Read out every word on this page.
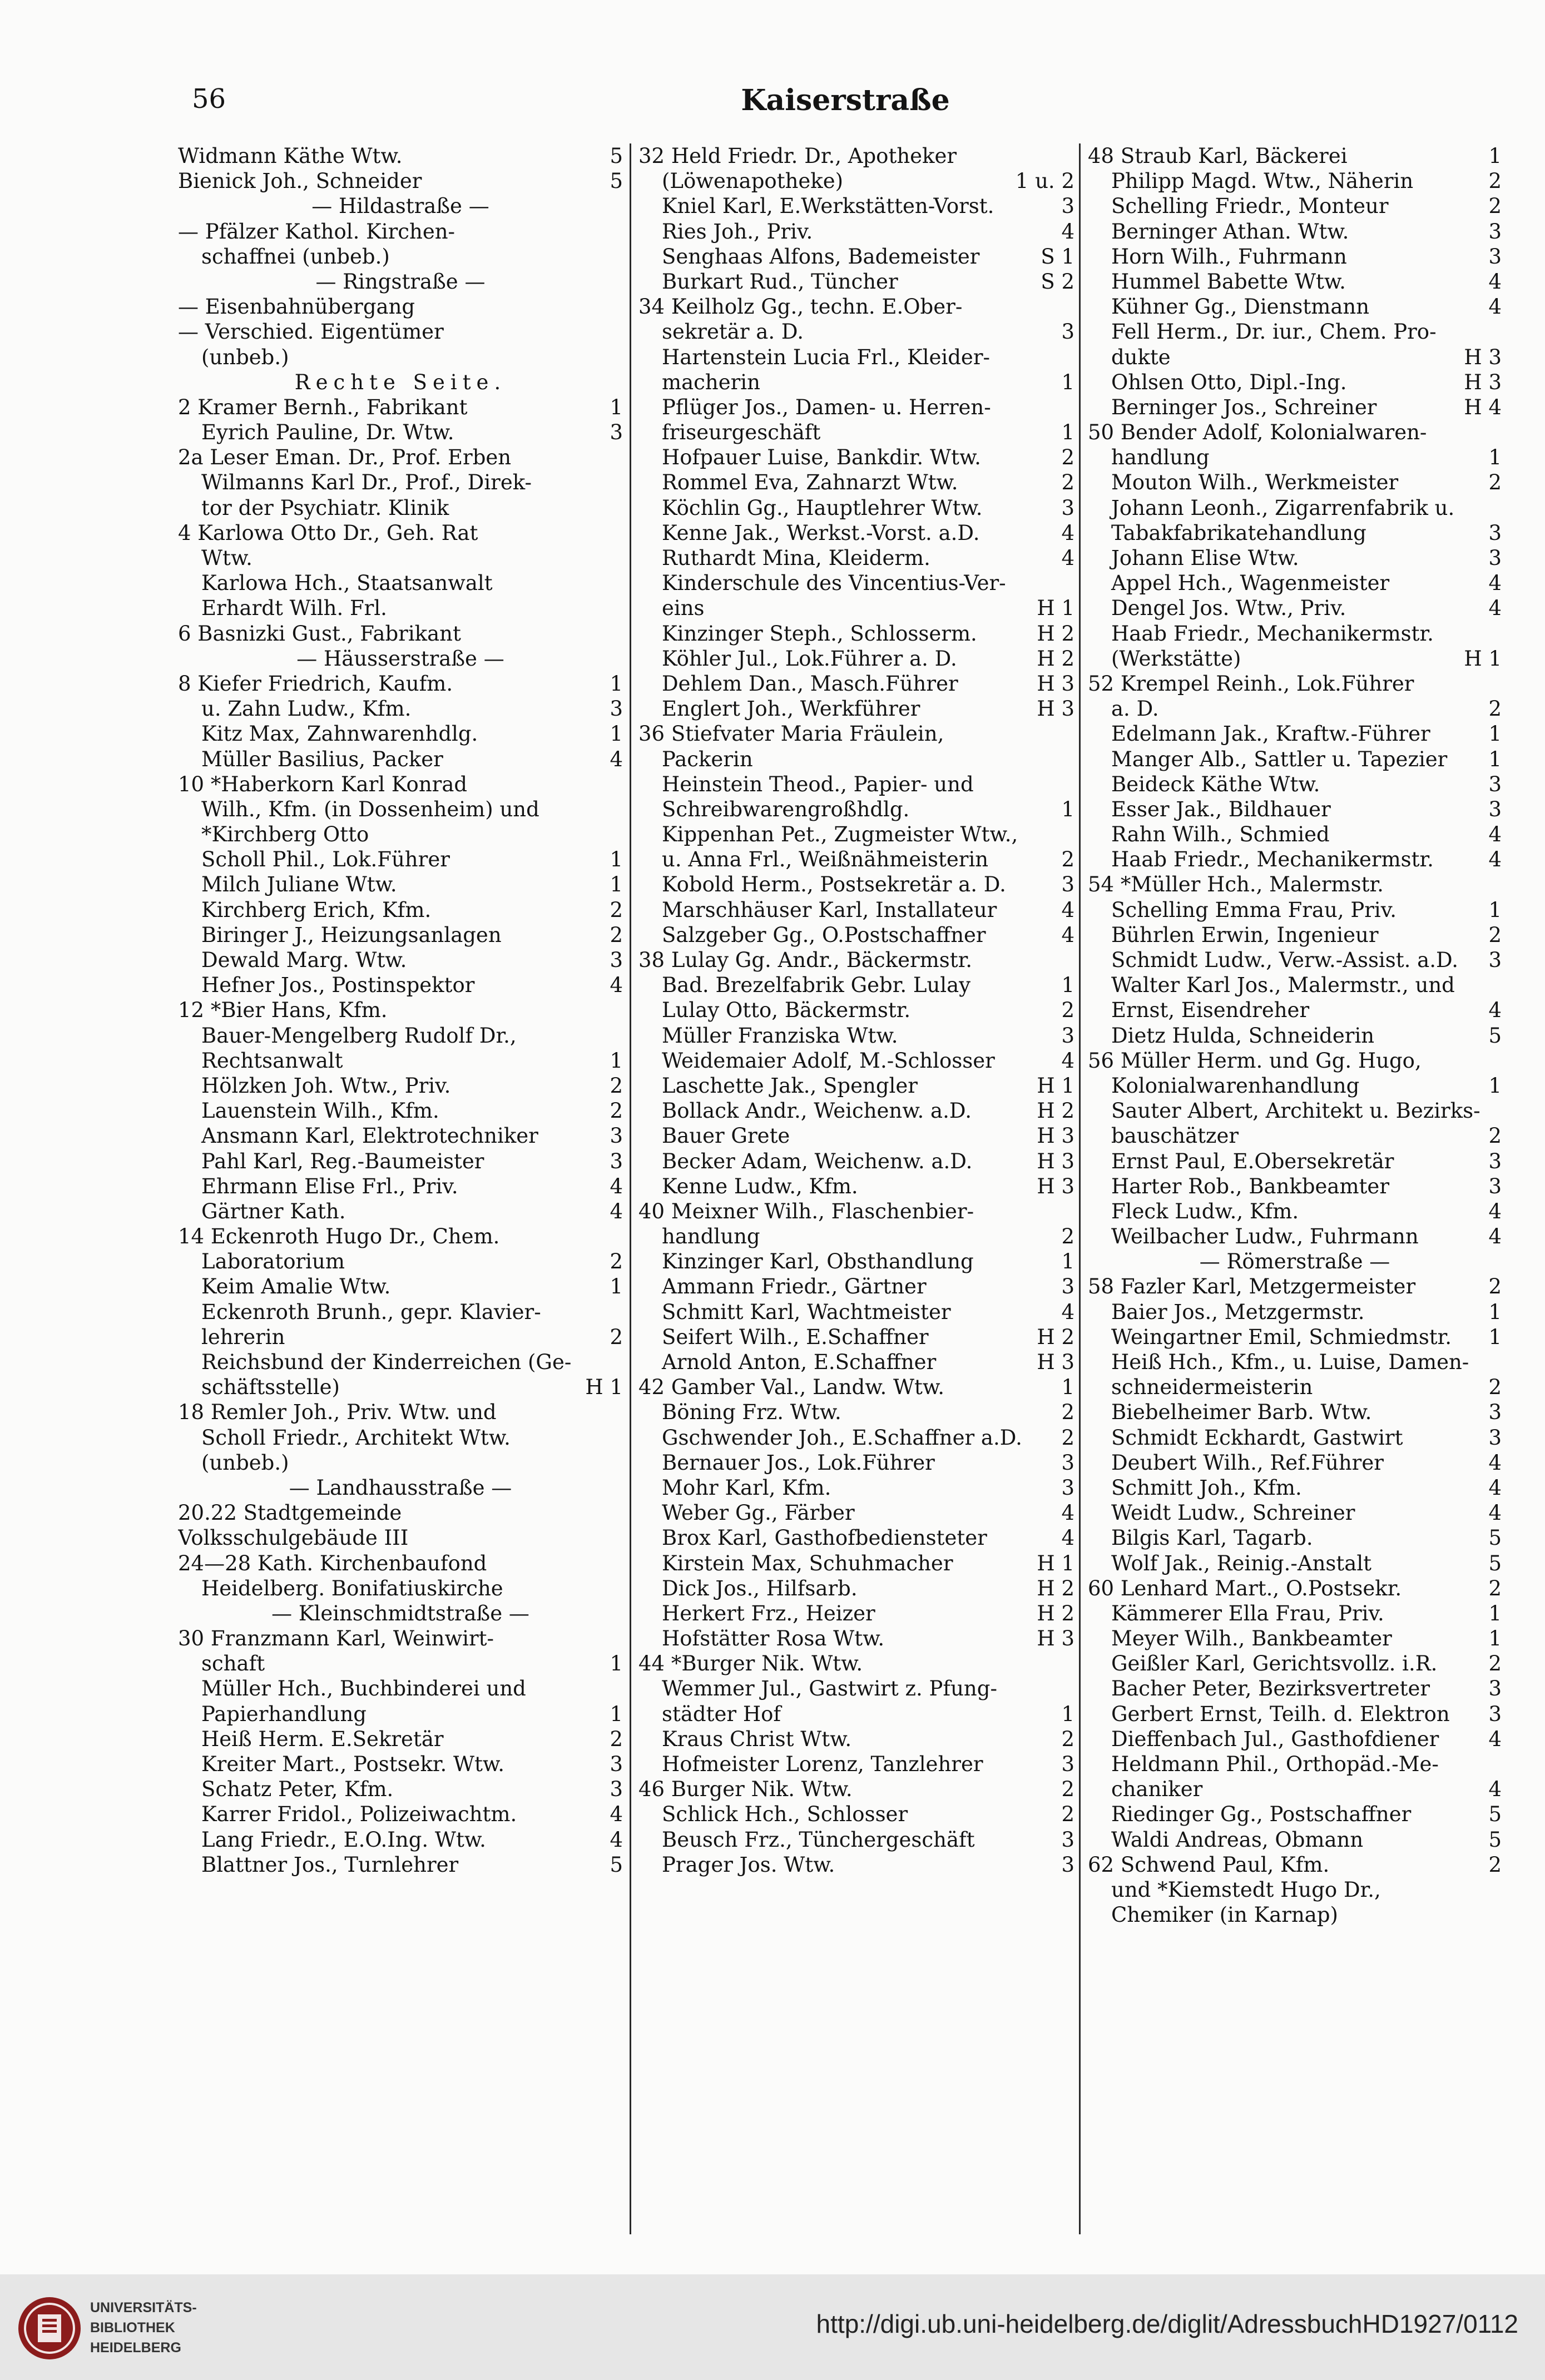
56	Kaiserstraße
Widmann Käthe Wtw.	5
Bienick Joh., Schneider	5
— Hildastraße —
— Pfälzer Kathol. Kirchen-
schaffnei (unbeb.)
— Ringstraße —
— Eisenbahnübergang
— Verschied. Eigentümer
(unbeb.)
Rechte Seite.
2 Kramer Bernh., Fabrikant	1
Eyrich Pauline, Dr. Wtw.	3
2a Leser Eman. Dr., Prof. Erben
Wilmanns Karl Dr., Prof., Direk-
tor der Psychiatr. Klinik
4 Karlowa Otto Dr., Geh. Rat
Wtw.
Karlowa Hch., Staatsanwalt
Erhardt Wilh. Frl.
6 Basnizki Gust., Fabrikant
— Häusserstraße —
8 Kiefer Friedrich, Kaufm.	1
u. Zahn Ludw., Kfm.	3
Kitz Max, Zahnwarenhdlg.	1
Müller Basilius, Packer	4
10 *Haberkorn Karl Konrad
Wilh., Kfm. (in Dossenheim) und
*Kirchberg Otto
Scholl Phil., Lok.Führer	1
Milch Juliane Wtw.	1
Kirchberg Erich, Kfm.	2
Biringer J., Heizungsanlagen	2
Dewald Marg. Wtw.	3
Hefner Jos., Postinspektor	4
12 *Bier Hans, Kfm.
Bauer-Mengelberg Rudolf Dr.,
Rechtsanwalt	1
Hölzken Joh. Wtw., Priv.	2
Lauenstein Wilh., Kfm.	2
Ansmann Karl, Elektrotechniker	3
Pahl Karl, Reg.-Baumeister	3
Ehrmann Elise Frl., Priv.	4
Gärtner Kath.	4
14 Eckenroth Hugo Dr., Chem.
Laboratorium	2
Keim Amalie Wtw.	1
Eckenroth Brunh., gepr. Klavier-
lehrerin	2
Reichsbund der Kinderreichen (Ge-
schäftsstelle)	H 1
18 Remler Joh., Priv. Wtw. und
Scholl Friedr., Architekt Wtw.
(unbeb.)
— Landhausstraße —
20.22 Stadtgemeinde
Volksschulgebäude III
24—28 Kath. Kirchenbaufond
Heidelberg. Bonifatiuskirche
— Kleinschmidtstraße —
30 Franzmann Karl, Weinwirt-
schaft	1
Müller Hch., Buchbinderei und
Papierhandlung	1
Heiß Herm. E.Sekretär	2
Kreiter Mart., Postsekr. Wtw.	3
Schatz Peter, Kfm.	3
Karrer Fridol., Polizeiwachtm.	4
Lang Friedr., E.O.Ing. Wtw.	4
Blattner Jos., Turnlehrer	5
32 Held Friedr. Dr., Apotheker
(Löwenapotheke)	1 u. 2
Kniel Karl, E.Werkstätten-Vorst.	3
Ries Joh., Priv.	4
Senghaas Alfons, Bademeister	S 1
Burkart Rud., Tüncher	S 2
34 Keilholz Gg., techn. E.Ober-
sekretär a. D.	3
Hartenstein Lucia Frl., Kleider-
macherin	1
Pflüger Jos., Damen- u. Herren-
friseurgeschäft	1
Hofpauer Luise, Bankdir. Wtw.	2
Rommel Eva, Zahnarzt Wtw.	2
Köchlin Gg., Hauptlehrer Wtw.	3
Kenne Jak., Werkst.-Vorst. a.D.	4
Ruthardt Mina, Kleiderm.	4
Kinderschule des Vincentius-Ver-
eins	H 1
Kinzinger Steph., Schlosserm.	H 2
Köhler Jul., Lok.Führer a. D.	H 2
Dehlem Dan., Masch.Führer	H 3
Englert Joh., Werkführer	H 3
36 Stiefvater Maria Fräulein,
Packerin
Heinstein Theod., Papier- und
Schreibwarengroßhdlg.	1
Kippenhan Pet., Zugmeister Wtw.,
u. Anna Frl., Weißnähmeisterin	2
Kobold Herm., Postsekretär a. D.	3
Marschhäuser Karl, Installateur	4
Salzgeber Gg., O.Postschaffner	4
38 Lulay Gg. Andr., Bäckermstr.
Bad. Brezelfabrik Gebr. Lulay	1
Lulay Otto, Bäckermstr.	2
Müller Franziska Wtw.	3
Weidemaier Adolf, M.-Schlosser	4
Laschette Jak., Spengler	H 1
Bollack Andr., Weichenw. a.D.	H 2
Bauer Grete	H 3
Becker Adam, Weichenw. a.D.	H 3
Kenne Ludw., Kfm.	H 3
40 Meixner Wilh., Flaschenbier-
handlung	2
Kinzinger Karl, Obsthandlung	1
Ammann Friedr., Gärtner	3
Schmitt Karl, Wachtmeister	4
Seifert Wilh., E.Schaffner	H 2
Arnold Anton, E.Schaffner	H 3
42 Gamber Val., Landw. Wtw.	1
Böning Frz. Wtw.	2
Gschwender Joh., E.Schaffner a.D.	2
Bernauer Jos., Lok.Führer	3
Mohr Karl, Kfm.	3
Weber Gg., Färber	4
Brox Karl, Gasthofbediensteter	4
Kirstein Max, Schuhmacher	H 1
Dick Jos., Hilfsarb.	H 2
Herkert Frz., Heizer	H 2
Hofstätter Rosa Wtw.	H 3
44 *Burger Nik. Wtw.
Wemmer Jul., Gastwirt z. Pfung-
städter Hof	1
Kraus Christ Wtw.	2
Hofmeister Lorenz, Tanzlehrer	3
46 Burger Nik. Wtw.	2
Schlick Hch., Schlosser	2
Beusch Frz., Tünchergeschäft	3
Prager Jos. Wtw.	3
48 Straub Karl, Bäckerei	1
Philipp Magd. Wtw., Näherin	2
Schelling Friedr., Monteur	2
Berninger Athan. Wtw.	3
Horn Wilh., Fuhrmann	3
Hummel Babette Wtw.	4
Kühner Gg., Dienstmann	4
Fell Herm., Dr. iur., Chem. Pro-
dukte	H 3
Ohlsen Otto, Dipl.-Ing.	H 3
Berninger Jos., Schreiner	H 4
50 Bender Adolf, Kolonialwaren-
handlung	1
Mouton Wilh., Werkmeister	2
Johann Leonh., Zigarrenfabrik u.
Tabakfabrikatehandlung	3
Johann Elise Wtw.	3
Appel Hch., Wagenmeister	4
Dengel Jos. Wtw., Priv.	4
Haab Friedr., Mechanikermstr.
(Werkstätte)	H 1
52 Krempel Reinh., Lok.Führer
a. D.	2
Edelmann Jak., Kraftw.-Führer	1
Manger Alb., Sattler u. Tapezier	1
Beideck Käthe Wtw.	3
Esser Jak., Bildhauer	3
Rahn Wilh., Schmied	4
Haab Friedr., Mechanikermstr.	4
54 *Müller Hch., Malermstr.
Schelling Emma Frau, Priv.	1
Bührlen Erwin, Ingenieur	2
Schmidt Ludw., Verw.-Assist. a.D.	3
Walter Karl Jos., Malermstr., und
Ernst, Eisendreher	4
Dietz Hulda, Schneiderin	5
56 Müller Herm. und Gg. Hugo,
Kolonialwarenhandlung	1
Sauter Albert, Architekt u. Bezirks-
bauschätzer	2
Ernst Paul, E.Obersekretär	3
Harter Rob., Bankbeamter	3
Fleck Ludw., Kfm.	4
Weilbacher Ludw., Fuhrmann	4
— Römerstraße —
58 Fazler Karl, Metzgermeister	2
Baier Jos., Metzgermstr.	1
Weingartner Emil, Schmiedmstr.	1
Heiß Hch., Kfm., u. Luise, Damen-
schneidermeisterin	2
Biebelheimer Barb. Wtw.	3
Schmidt Eckhardt, Gastwirt	3
Deubert Wilh., Ref.Führer	4
Schmitt Joh., Kfm.	4
Weidt Ludw., Schreiner	4
Bilgis Karl, Tagarb.	5
Wolf Jak., Reinig.-Anstalt	5
60 Lenhard Mart., O.Postsekr.	2
Kämmerer Ella Frau, Priv.	1
Meyer Wilh., Bankbeamter	1
Geißler Karl, Gerichtsvollz. i.R.	2
Bacher Peter, Bezirksvertreter	3
Gerbert Ernst, Teilh. d. Elektron	3
Dieffenbach Jul., Gasthofdiener	4
Heldmann Phil., Orthopäd.-Me-
chaniker	4
Riedinger Gg., Postschaffner	5
Waldi Andreas, Obmann	5
62 Schwend Paul, Kfm.	2
und *Kiemstedt Hugo Dr.,
Chemiker (in Karnap)
UNIVERSITÄTS-
BIBLIOTHEK
HEIDELBERG
http://digi.ub.uni-heidelberg.de/diglit/AdressbuchHD1927/0112
